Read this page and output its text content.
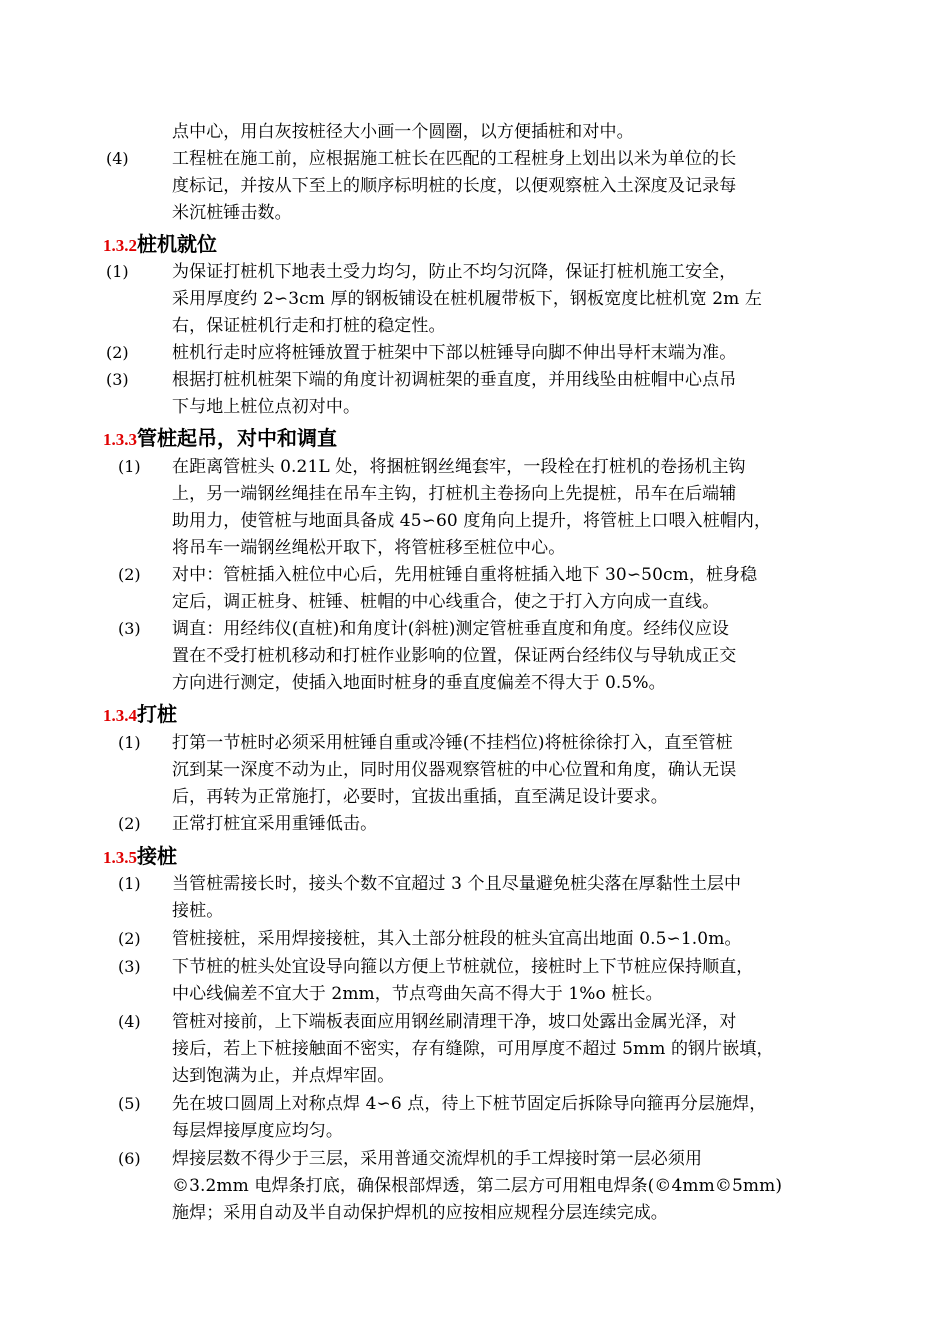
点中心，用白灰按桩径大小画一个圆圈，以方便插桩和对中。
(4)	工程桩在施工前，应根据施工桩长在匹配的工程桩身上划出以米为单位的长
度标记，并按从下至上的顺序标明桩的长度，以便观察桩入土深度及记录每
米沉桩锤击数。
1.3.2桩机就位
(1)	为保证打桩机下地表土受力均匀，防止不均匀沉降，保证打桩机施工安全，
采用厚度约 2∽3cm 厚的钢板铺设在桩机履带板下，钢板宽度比桩机宽 2m 左
右，保证桩机行走和打桩的稳定性。
(2)	桩机行走时应将桩锤放置于桩架中下部以桩锤导向脚不伸出导杆末端为准。
(3)	根据打桩机桩架下端的角度计初调桩架的垂直度，并用线坠由桩帽中心点吊
下与地上桩位点初对中。
1.3.3管桩起吊，对中和调直
(1) 在距离管桩头 0.21L 处，将捆桩钢丝绳套牢，一段栓在打桩机的卷扬机主钩
上，另一端钢丝绳挂在吊车主钩，打桩机主卷扬向上先提桩，吊车在后端辅
助用力，使管桩与地面具备成 45∽60 度角向上提升，将管桩上口喂入桩帽内，
将吊车一端钢丝绳松开取下，将管桩移至桩位中心。
(2) 对中：管桩插入桩位中心后，先用桩锤自重将桩插入地下 30∽50cm，桩身稳
定后，调正桩身、桩锤、桩帽的中心线重合，使之于打入方向成一直线。
(3) 调直：用经纬仪(直桩)和角度计(斜桩)测定管桩垂直度和角度。经纬仪应设
置在不受打桩机移动和打桩作业影响的位置，保证两台经纬仪与导轨成正交
方向进行测定，使插入地面时桩身的垂直度偏差不得大于 0.5%。
1.3.4打桩
(1) 打第一节桩时必须采用桩锤自重或冷锤(不挂档位)将桩徐徐打入，直至管桩
沉到某一深度不动为止，同时用仪器观察管桩的中心位置和角度，确认无误
后，再转为正常施打，必要时，宜拔出重插，直至满足设计要求。
(2) 正常打桩宜采用重锤低击。
1.3.5接桩
(1) 当管桩需接长时，接头个数不宜超过 3 个且尽量避免桩尖落在厚黏性土层中
接桩。
(2) 管桩接桩，采用焊接接桩，其入土部分桩段的桩头宜高出地面 0.5∽1.0m。
(3) 下节桩的桩头处宜设导向箍以方便上节桩就位，接桩时上下节桩应保持顺直，
中心线偏差不宜大于 2mm，节点弯曲矢高不得大于 1%o 桩长。
(4) 管桩对接前，上下端板表面应用钢丝刷清理干净，坡口处露出金属光泽，对
接后，若上下桩接触面不密实，存有缝隙，可用厚度不超过 5mm 的钢片嵌填，
达到饱满为止，并点焊牢固。
(5) 先在坡口圆周上对称点焊 4∽6 点，待上下桩节固定后拆除导向箍再分层施焊，
每层焊接厚度应均匀。
(6) 焊接层数不得少于三层，采用普通交流焊机的手工焊接时第一层必须用
©3.2mm 电焊条打底，确保根部焊透，第二层方可用粗电焊条(©4mm©5mm)
施焊；采用自动及半自动保护焊机的应按相应规程分层连续完成。
